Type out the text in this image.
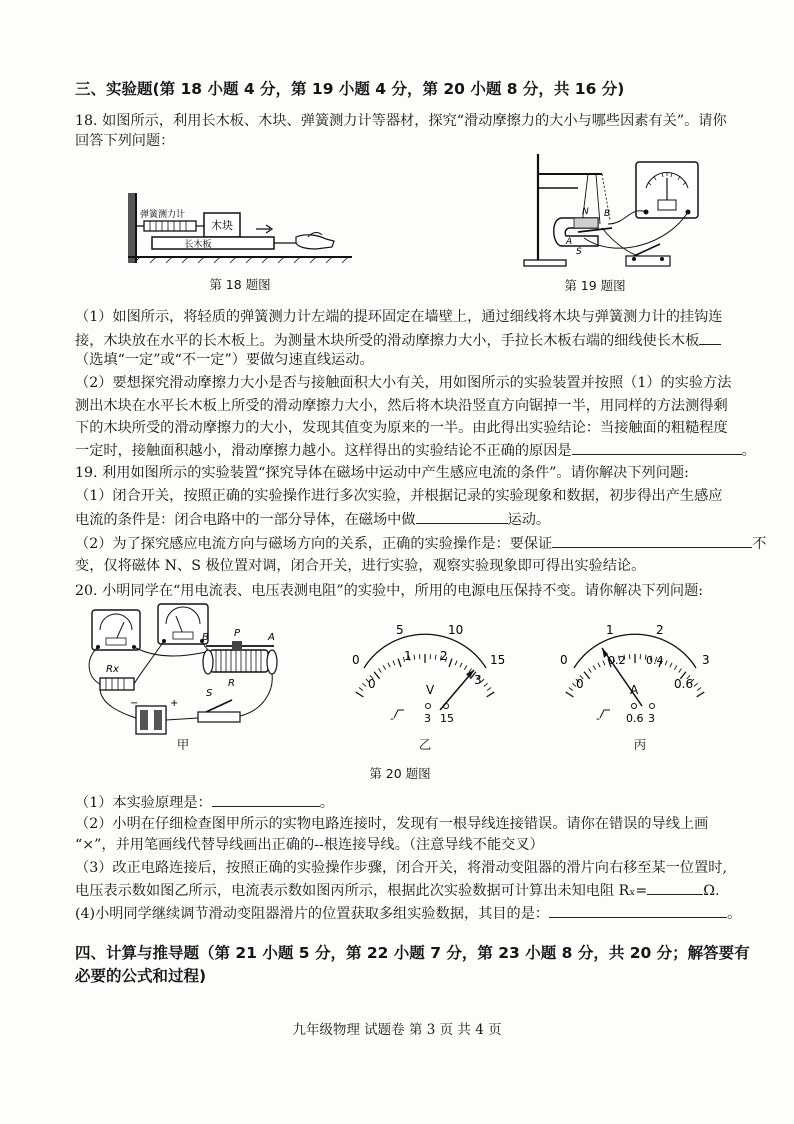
三、实验题(第 18 小题 4 分，第 19 小题 4 分，第 20 小题 8 分，共 16 分)
18. 如图所示，利用长木板、木块、弹簧测力计等器材，探究“滑动摩擦力的大小与哪些因素有关”。请你
回答下列问题：
弹簧测力计
木块
长木板
第 18 题图
N
A
S
B
第 19 题图
（1）如图所示，将轻质的弹簧测力计左端的提环固定在墙壁上，通过细线将木块与弹簧测力计的挂钩连
接，木块放在水平的长木板上。为测量木块所受的滑动摩擦力大小，手拉长木板右端的细线使长木板
（选填“一定”或“不一定”）要做匀速直线运动。
（2）要想探究滑动摩擦力大小是否与接触面积大小有关，用如图所示的实验装置并按照（1）的实验方法
测出木块在水平长木板上所受的滑动摩擦力大小，然后将木块沿竖直方向锯掉一半，用同样的方法测得剩
下的木块所受的滑动摩擦力的大小，发现其值变为原来的一半。由此得出实验结论：当接触面的粗糙程度
一定时，接触面积越小，滑动摩擦力越小。这样得出的实验结论不正确的原因是	。
19. 利用如图所示的实验装置“探究导体在磁场中运动中产生感应电流的条件”。请你解决下列问题:
（1）闭合开关，按照正确的实验操作进行多次实验，并根据记录的实验现象和数据，初步得出产生感应
电流的条件是：闭合电路中的一部分导体，在磁场中做	运动。
（2）为了探究感应电流方向与磁场方向的关系，正确的实验操作是：要保证	不
变，仅将磁体 N、S 极位置对调，闭合开关，进行实验，观察实验现象即可得出实验结论。
20. 小明同学在“用电流表、电压表测电阻”的实验中，所用的电源电压保持不变。请你解决下列问题:
Rx
B	P	A
R
−	+
S
甲
0
0
5	10
1 2	15
3
V
3 15
-
乙
0
0
1	2
0.2 0.4	3
0.6
A
0.6 3
-
丙
第 20 题图
（1）本实验原理是：	。
（2）小明在仔细检查图甲所示的实物电路连接时，发现有一根导线连接错误。请你在错误的导线上画
“×”，并用笔画线代替导线画出正确的--根连接导线。（注意导线不能交叉）
（3）改正电路连接后，按照正确的实验操作步骤，闭合开关，将滑动变阻器的滑片向右移至某一位置时,
电压表示数如图乙所示，电流表示数如图丙所示，根据此次实验数据可计算出未知电阻 Rₓ=	Ω.
(4)小明同学继续调节滑动变阻器滑片的位置获取多组实验数据，其目的是：	。
四、计算与推导题（第 21 小题 5 分，第 22 小题 7 分，第 23 小题 8 分，共 20 分；解答要有
必要的公式和过程)
九年级物理 试题卷 第 3 页 共 4 页
